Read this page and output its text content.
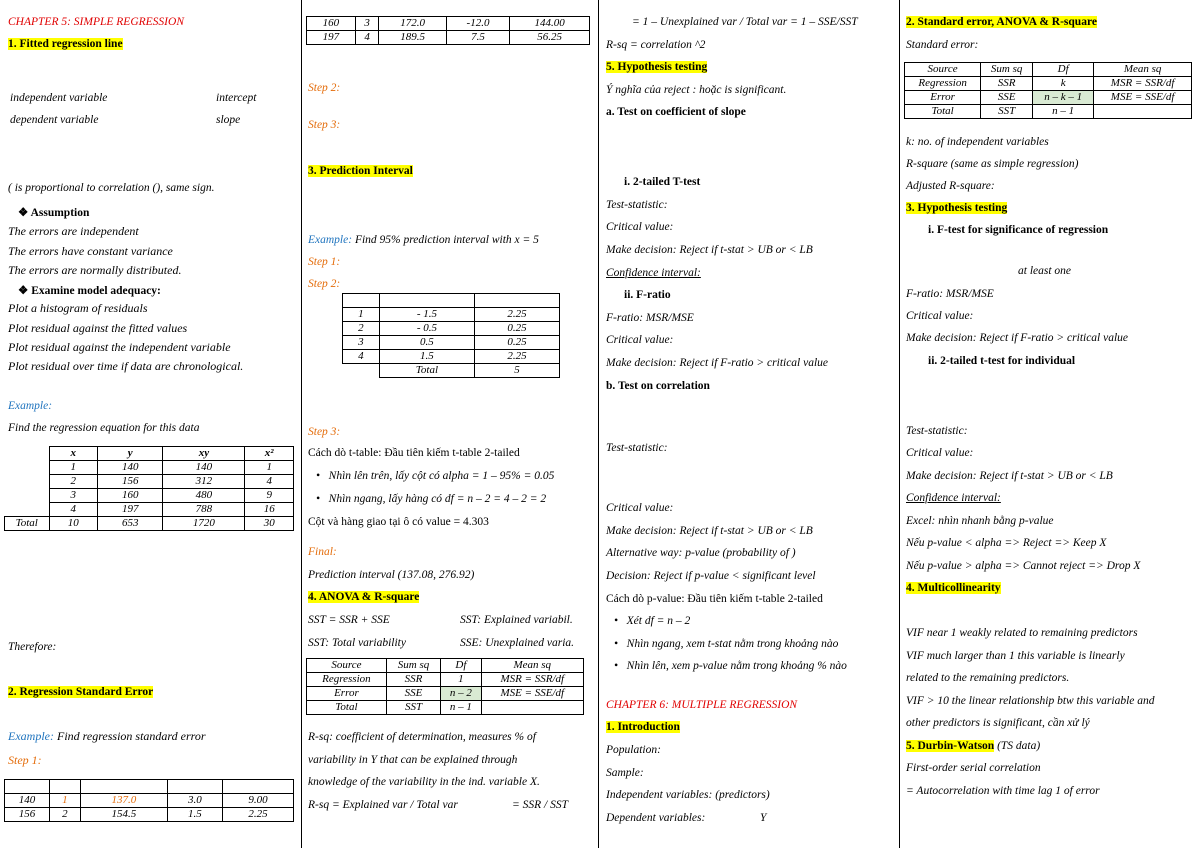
CHAPTER 5: SIMPLE REGRESSION
1. Fitted regression line
independent variable	intercept
dependent variable	slope
( is proportional to correlation (), same sign.
❖ Assumption
The errors are independent
The errors have constant variance
The errors are normally distributed.
❖ Examine model adequacy:
Plot a histogram of residuals
Plot residual against the fitted values
Plot residual against the independent variable
Plot residual over time if data are chronological.
Example:
Find the regression equation for this data
	x	y	xy	x²
	1	140	140	1
	2	156	312	4
	3	160	480	9
	4	197	788	16
Total	10	653	1720	30
Therefore:
2. Regression Standard Error
Example: Find regression standard error
Step 1:

140	1	137.0	3.0	9.00
156	2	154.5	1.5	2.25
160	3	172.0	-12.0	144.00
197	4	189.5	7.5	56.25
Step 2:
Step 3:
3. Prediction Interval
Example: Find 95% prediction interval with x = 5
Step 1:
Step 2:

1	- 1.5	2.25
2	- 0.5	0.25
3	0.5	0.25
4	1.5	2.25
	Total	5
Step 3:
Cách dò t-table: Đầu tiên kiếm t-table 2-tailed
•   Nhìn lên trên, lấy cột có alpha = 1 – 95% = 0.05
•   Nhìn ngang, lấy hàng có df = n – 2 = 4 – 2 = 2
Cột và hàng giao tại ô có value = 4.303
Final:
Prediction interval (137.08, 276.92)
4. ANOVA & R-square
SST = SSR + SSE	SST: Explained variabil.
SST: Total variability	SSE: Unexplained varia.
Source	Sum sq	Df	Mean sq
Regression	SSR	1	MSR = SSR/df
Error	SSE	n – 2	MSE = SSE/df
Total	SST	n – 1	
R-sq: coefficient of determination, measures % of
variability in Y that can be explained through
knowledge of the variability in the ind. variable X.
R-sq = Explained var / Total var	= SSR / SST
= 1 – Unexplained var / Total var = 1 – SSE/SST
R-sq = correlation ^2
5. Hypothesis testing
Ý nghĩa của reject : hoặc is significant.
a. Test on coefficient of slope
i. 2-tailed T-test
Test-statistic:
Critical value:
Make decision: Reject if t-stat > UB or < LB
Confidence interval:
ii. F-ratio
F-ratio: MSR/MSE
Critical value:
Make decision: Reject if F-ratio > critical value
b. Test on correlation
Test-statistic:
Critical value:
Make decision: Reject if t-stat > UB or < LB
Alternative way: p-value (probability of )
Decision: Reject if p-value < significant level
Cách dò p-value: Đầu tiên kiếm t-table 2-tailed
•   Xét df = n – 2
•   Nhìn ngang, xem t-stat nằm trong khoảng nào
•   Nhìn lên, xem p-value nằm trong khoảng % nào
CHAPTER 6: MULTIPLE REGRESSION
1. Introduction
Population:
Sample:
Independent variables: (predictors)
Dependent variables:	Y
2. Standard error, ANOVA & R-square
Standard error:
Source	Sum sq	Df	Mean sq
Regression	SSR	k	MSR = SSR/df
Error	SSE	n – k – 1	MSE = SSE/df
Total	SST	n – 1	
k: no. of independent variables
R-square (same as simple regression)
Adjusted R-square:
3. Hypothesis testing
i. F-test for significance of regression
at least one
F-ratio: MSR/MSE
Critical value:
Make decision: Reject if F-ratio > critical value
ii. 2-tailed t-test for individual
Test-statistic:
Critical value:
Make decision: Reject if t-stat > UB or < LB
Confidence interval:
Excel: nhìn nhanh bằng p-value
Nếu p-value < alpha => Reject => Keep X
Nếu p-value > alpha => Cannot reject => Drop X
4. Multicollinearity
VIF near 1 weakly related to remaining predictors
VIF much larger than 1 this variable is linearly
related to the remaining predictors.
VIF > 10 the linear relationship btw this variable and
other predictors is significant, cần xử lý
5. Durbin-Watson (TS data)
First-order serial correlation
= Autocorrelation with time lag 1 of error
